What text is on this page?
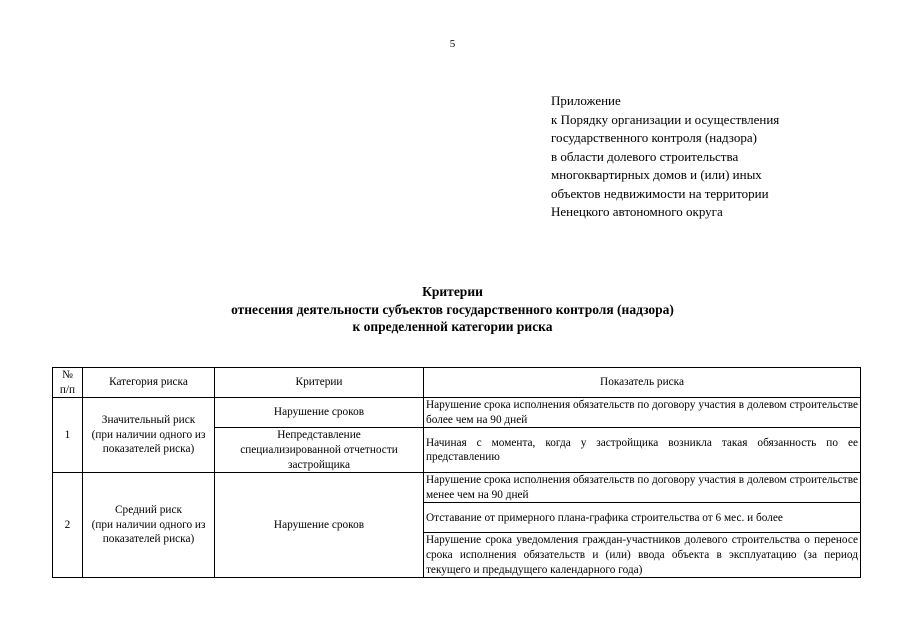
5
Приложение
к Порядку организации и осуществления
государственного контроля (надзора)
в области долевого строительства
многоквартирных домов и (или) иных
объектов недвижимости на территории
Ненецкого автономного округа
Критерии
отнесения деятельности субъектов государственного контроля (надзора)
к определенной категории риска
№
п/п	Категория риска	Критерии	Показатель риска
1	Значительный риск
(при наличии одного из
показателей риска)	Нарушение сроков	Нарушение срока исполнения обязательств по договору участия в долевом строительстве более чем на 90 дней

		Непредставление
специализированной отчетности
застройщика	Начиная с момента, когда у застройщика возникла такая обязанность по ее представлению
2	Средний риск
(при наличии одного из
показателей риска)	Нарушение сроков	Нарушение срока исполнения обязательств по договору участия в долевом строительстве менее чем на 90 дней
			Отставание от примерного плана-графика строительства от 6 мес. и более
			Нарушение срока уведомления граждан-участников долевого строительства о переносе срока исполнения обязательств и (или) ввода объекта в эксплуатацию (за период текущего и предыдущего календарного года)
